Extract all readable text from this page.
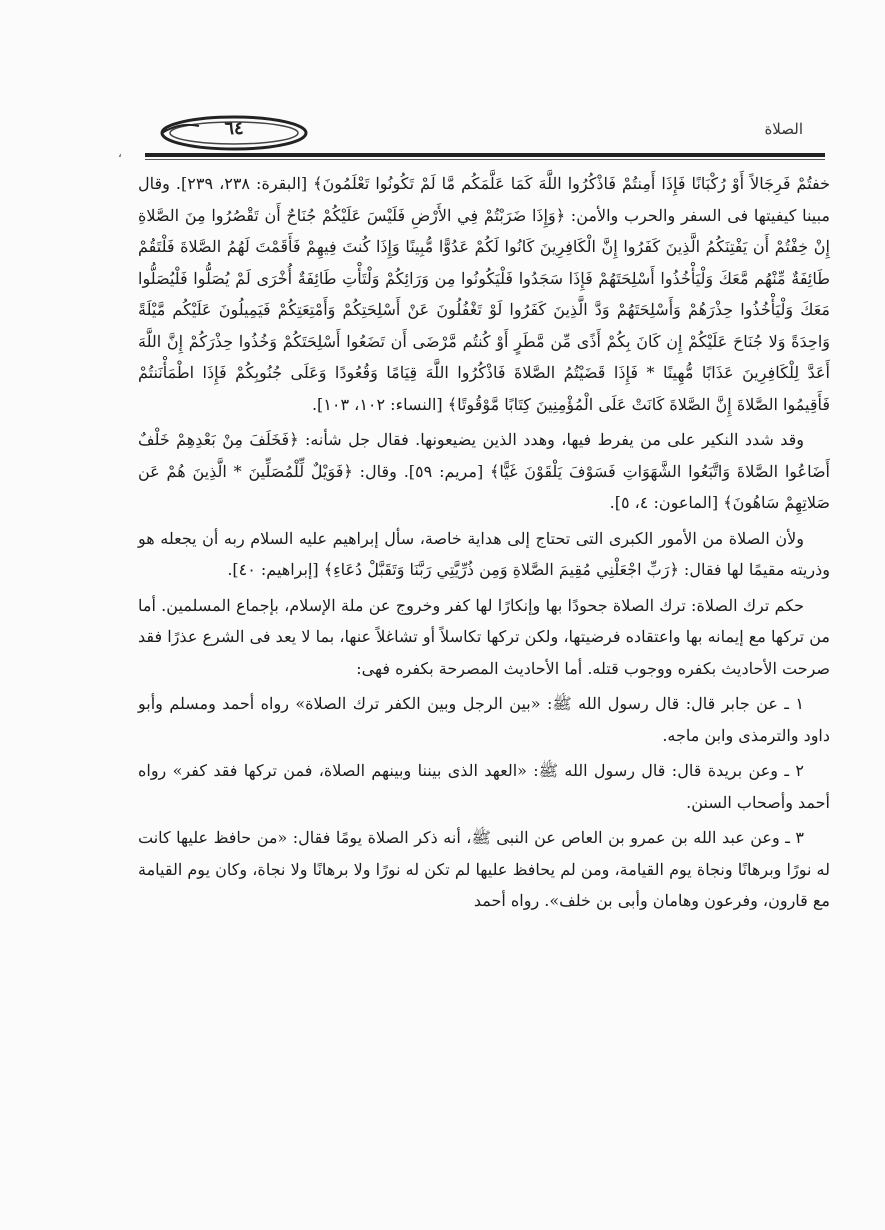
٦٤	الصلاة
،

خفتُمْ فَرِجَالاً أَوْ رُكْبَانًا فَإِذَا أَمِنتُمْ فَاذْكُرُوا اللَّهَ كَمَا عَلَّمَكُم مَّا لَمْ تَكُونُوا تَعْلَمُونَ﴾ [البقرة: ٢٣٨، ٢٣٩]. وقال مبينا كيفيتها فى السفر والحرب والأمن: ﴿وَإِذَا ضَرَبْتُمْ فِي الأَرْضِ فَلَيْسَ عَلَيْكُمْ جُنَاحٌ أَن تَقْصُرُوا مِنَ الصَّلاةِ إِنْ خِفْتُمْ أَن يَفْتِنَكُمُ الَّذِينَ كَفَرُوا إِنَّ الْكَافِرِينَ كَانُوا لَكُمْ عَدُوًّا مُّبِينًا وَإِذَا كُنتَ فِيهِمْ فَأَقَمْتَ لَهُمُ الصَّلاةَ فَلْتَقُمْ طَائِفَةٌ مِّنْهُم مَّعَكَ وَلْيَأْخُذُوا أَسْلِحَتَهُمْ فَإِذَا سَجَدُوا فَلْيَكُونُوا مِن وَرَائِكُمْ وَلْتَأْتِ طَائِفَةٌ أُخْرَى لَمْ يُصَلُّوا فَلْيُصَلُّوا مَعَكَ وَلْيَأْخُذُوا حِذْرَهُمْ وَأَسْلِحَتَهُمْ وَدَّ الَّذِينَ كَفَرُوا لَوْ تَغْفُلُونَ عَنْ أَسْلِحَتِكُمْ وَأَمْتِعَتِكُمْ فَيَمِيلُونَ عَلَيْكُم مَّيْلَةً وَاحِدَةً وَلا جُنَاحَ عَلَيْكُمْ إِن كَانَ بِكُمْ أَذًى مِّن مَّطَرٍ أَوْ كُنتُم مَّرْضَى أَن تَضَعُوا أَسْلِحَتَكُمْ وَخُذُوا حِذْرَكُمْ إِنَّ اللَّهَ أَعَدَّ لِلْكَافِرِينَ عَذَابًا مُّهِينًا * فَإِذَا قَضَيْتُمُ الصَّلاةَ فَاذْكُرُوا اللَّهَ قِيَامًا وَقُعُودًا وَعَلَى جُنُوبِكُمْ فَإِذَا اطْمَأْنَنتُمْ فَأَقِيمُوا الصَّلاةَ إِنَّ الصَّلاةَ كَانَتْ عَلَى الْمُؤْمِنِينَ كِتَابًا مَّوْقُوتًا﴾ [النساء: ١٠٢، ١٠٣].

وقد شدد النكير على من يفرط فيها، وهدد الذين يضيعونها. فقال جل شأنه: ﴿فَخَلَفَ مِنْ بَعْدِهِمْ خَلْفٌ أَضَاعُوا الصَّلاةَ وَاتَّبَعُوا الشَّهَوَاتِ فَسَوْفَ يَلْقَوْنَ غَيًّا﴾ [مريم: ٥٩]. وقال: ﴿فَوَيْلٌ لِّلْمُصَلِّينَ * الَّذِينَ هُمْ عَن صَلاتِهِمْ سَاهُونَ﴾ [الماعون: ٤، ٥].

ولأن الصلاة من الأمور الكبرى التى تحتاج إلى هداية خاصة، سأل إبراهيم عليه السلام ربه أن يجعله هو وذريته مقيمًا لها فقال: ﴿رَبِّ اجْعَلْنِي مُقِيمَ الصَّلاةِ وَمِن ذُرِّيَّتِي رَبَّنَا وَتَقَبَّلْ دُعَاءِ﴾ [إبراهيم: ٤٠].

حكم ترك الصلاة: ترك الصلاة جحودًا بها وإنكارًا لها كفر وخروج عن ملة الإسلام، بإجماع المسلمين. أما من تركها مع إيمانه بها واعتقاده فرضيتها، ولكن تركها تكاسلاً أو تشاغلاً عنها، بما لا يعد فى الشرع عذرًا فقد صرحت الأحاديث بكفره ووجوب قتله. أما الأحاديث المصرحة بكفره فهى:

١ ـ عن جابر قال: قال رسول الله ﷺ: «بين الرجل وبين الكفر ترك الصلاة» رواه أحمد ومسلم وأبو داود والترمذى وابن ماجه.

٢ ـ وعن بريدة قال: قال رسول الله ﷺ: «العهد الذى بيننا وبينهم الصلاة، فمن تركها فقد كفر» رواه أحمد وأصحاب السنن.

٣ ـ وعن عبد الله بن عمرو بن العاص عن النبى ﷺ، أنه ذكر الصلاة يومًا فقال: «من حافظ عليها كانت له نورًا وبرهانًا ونجاة يوم القيامة، ومن لم يحافظ عليها لم تكن له نورًا ولا برهانًا ولا نجاة، وكان يوم القيامة مع قارون، وفرعون وهامان وأبى بن خلف». رواه أحمد
